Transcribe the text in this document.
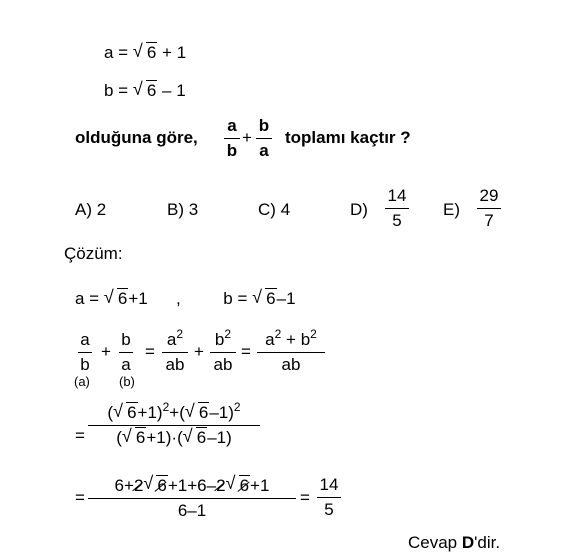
a = √ 6 + 1
b = √ 6 – 1
olduğuna göre,
a
b
+
b
a
toplamı kaçtır ?
A) 2	B) 3	C) 4	D)
14
5
E)
29
7
Çözüm:
a = √ 6+1 ,	b = √ 6–1
a
b
+
b
a
=
$a^2$
ab
+
$b^2$
ab
=
$a^2 + b^2$
ab
(a) (b)
=
( √ 6+1)$^2$+( √ 6–1)$^2$
( √ 6+1)·( √ 6–1)
=
6+2 √ 6+1+6–2 √ 6+1
6–1
=
14
5
Cevap D'dir.
